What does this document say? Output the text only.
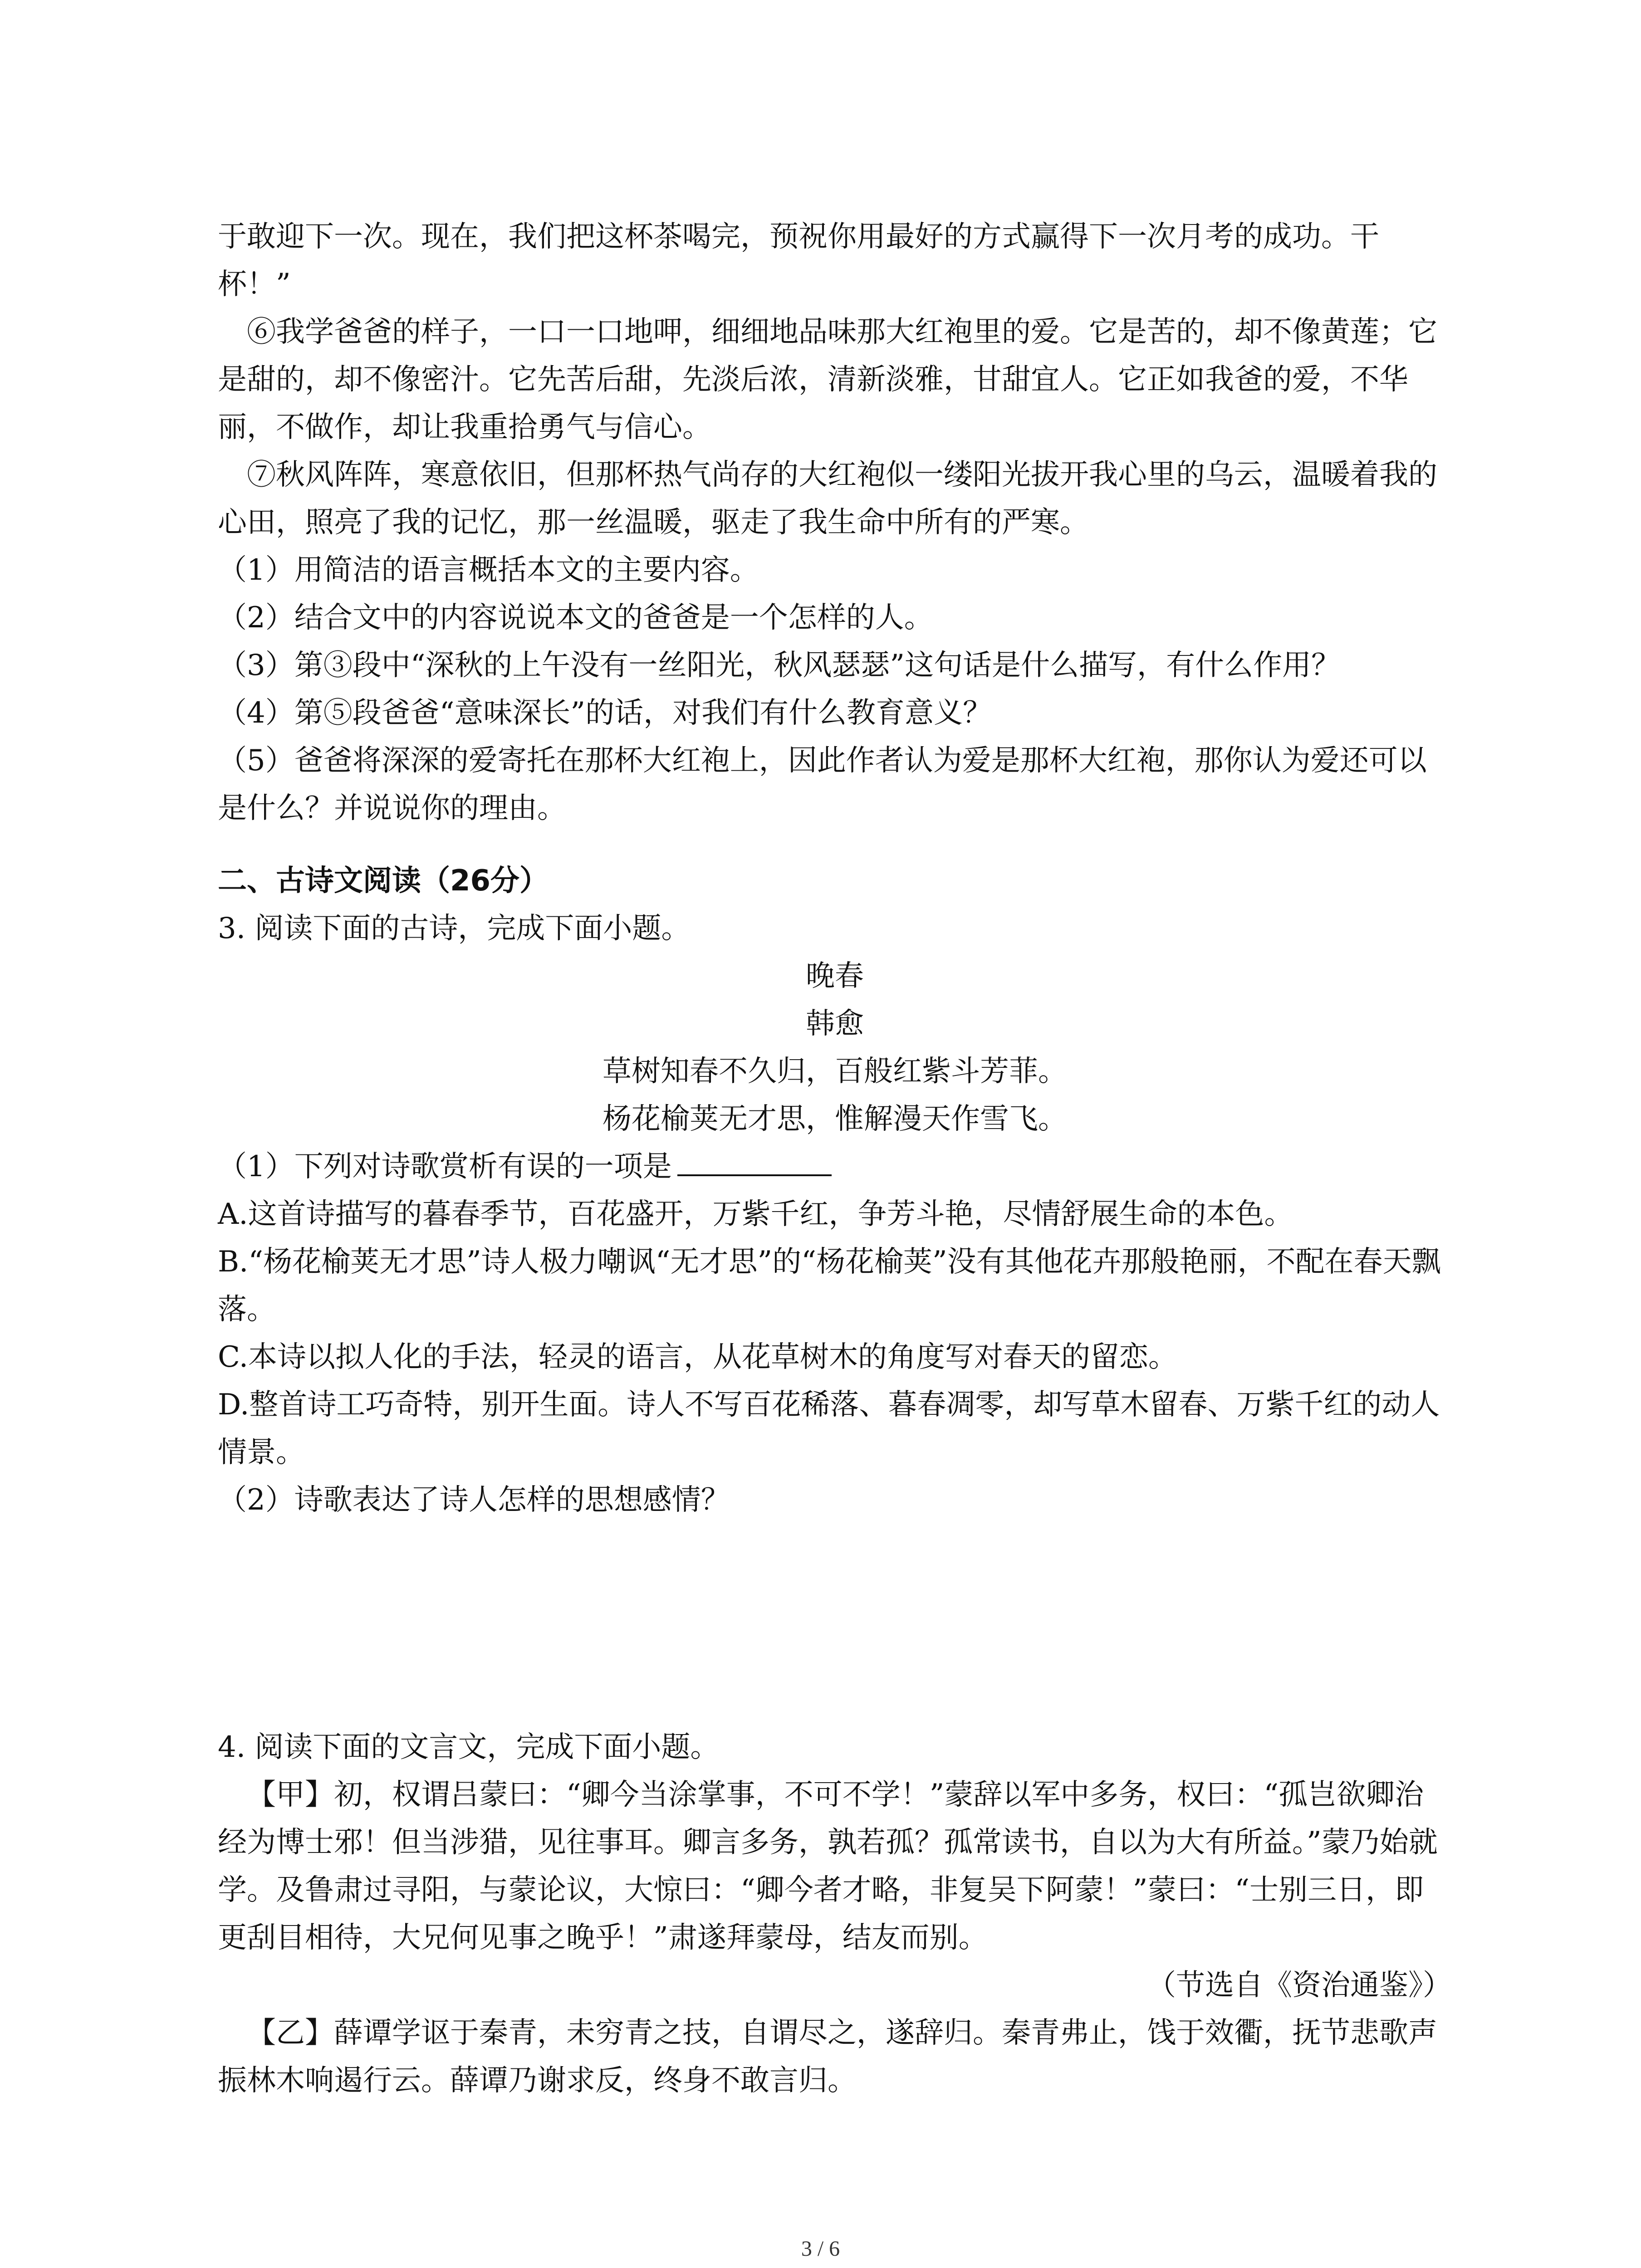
于敢迎下一次。现在，我们把这杯茶喝完，预祝你用最好的方式赢得下一次月考的成功。干杯！”

⑥我学爸爸的样子，一口一口地呷，细细地品味那大红袍里的爱。它是苦的，却不像黄莲；它是甜的，却不像密汁。它先苦后甜，先淡后浓，清新淡雅，甘甜宜人。它正如我爸的爱，不华丽，不做作，却让我重拾勇气与信心。

⑦秋风阵阵，寒意依旧，但那杯热气尚存的大红袍似一缕阳光拔开我心里的乌云，温暖着我的心田，照亮了我的记忆，那一丝温暖，驱走了我生命中所有的严寒。

（1）用简洁的语言概括本文的主要内容。

（2）结合文中的内容说说本文的爸爸是一个怎样的人。

（3）第③段中“深秋的上午没有一丝阳光，秋风瑟瑟”这句话是什么描写，有什么作用？

（4）第⑤段爸爸“意味深长”的话，对我们有什么教育意义？

（5）爸爸将深深的爱寄托在那杯大红袍上，因此作者认为爱是那杯大红袍，那你认为爱还可以是什么？并说说你的理由。

二、古诗文阅读（26分）

3. 阅读下面的古诗，完成下面小题。

晚春

韩愈

草树知春不久归，百般红紫斗芳菲。

杨花榆荚无才思，惟解漫天作雪飞。

（1）下列对诗歌赏析有误的一项是

A.这首诗描写的暮春季节，百花盛开，万紫千红，争芳斗艳，尽情舒展生命的本色。

B.“杨花榆荚无才思”诗人极力嘲讽“无才思”的“杨花榆荚”没有其他花卉那般艳丽，不配在春天飘落。

C.本诗以拟人化的手法，轻灵的语言，从花草树木的角度写对春天的留恋。

D.整首诗工巧奇特，别开生面。诗人不写百花稀落、暮春凋零，却写草木留春、万紫千红的动人情景。

（2）诗歌表达了诗人怎样的思想感情？

4. 阅读下面的文言文，完成下面小题。

【甲】初，权谓吕蒙曰：“卿今当涂掌事，不可不学！”蒙辞以军中多务，权曰：“孤岂欲卿治经为博士邪！但当涉猎，见往事耳。卿言多务，孰若孤？孤常读书，自以为大有所益。”蒙乃始就学。及鲁肃过寻阳，与蒙论议，大惊曰：“卿今者才略，非复吴下阿蒙！”蒙曰：“士别三日，即更刮目相待，大兄何见事之晚乎！”肃遂拜蒙母，结友而别。

（节选自《资治通鉴》）

【乙】薛谭学讴于秦青，未穷青之技，自谓尽之，遂辞归。秦青弗止，饯于效衢，抚节悲歌声振林木响遏行云。薛谭乃谢求反，终身不敢言归。

3 / 6
